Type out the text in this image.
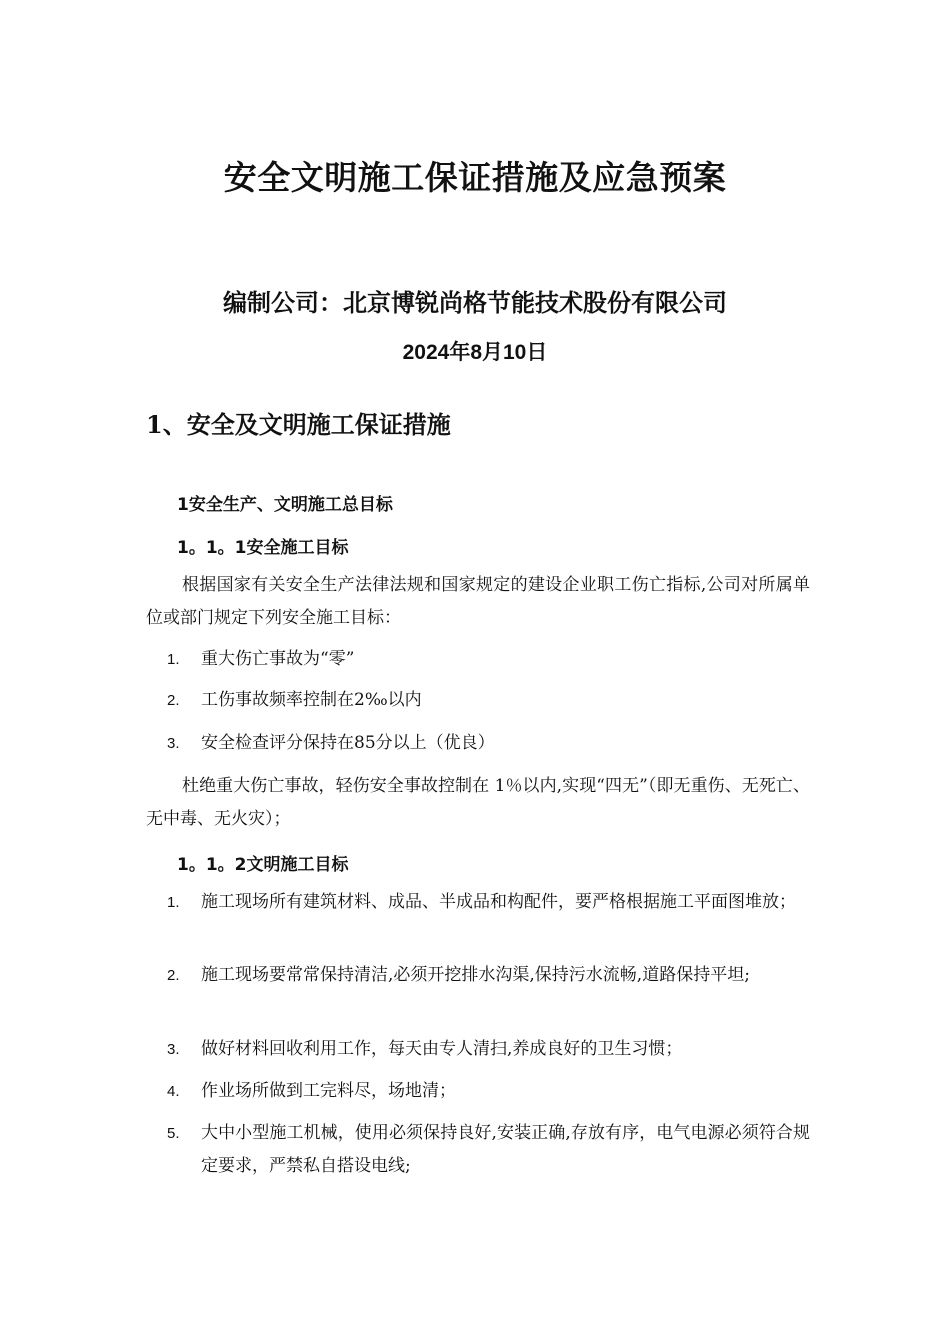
安全文明施工保证措施及应急预案
编制公司：北京博锐尚格节能技术股份有限公司
2024年8月10日
1、安全及文明施工保证措施
1安全生产、文明施工总目标
1。1。1安全施工目标
根据国家有关安全生产法律法规和国家规定的建设企业职工伤亡指标,公司对所属单位或部门规定下列安全施工目标：
1. 重大伤亡事故为“零”
2. 工伤事故频率控制在2‰以内
3. 安全检查评分保持在85分以上（优良）
杜绝重大伤亡事故，轻伤安全事故控制在 1％以内,实现“四无”（即无重伤、无死亡、无中毒、无火灾）；
1。1。2文明施工目标
1. 施工现场所有建筑材料、成品、半成品和构配件，要严格根据施工平面图堆放；
2. 施工现场要常常保持清洁,必须开挖排水沟渠,保持污水流畅,道路保持平坦;
3. 做好材料回收利用工作，每天由专人清扫,养成良好的卫生习惯；
4. 作业场所做到工完料尽，场地清；
5. 大中小型施工机械，使用必须保持良好,安装正确,存放有序，电气电源必须符合规定要求，严禁私自搭设电线;
